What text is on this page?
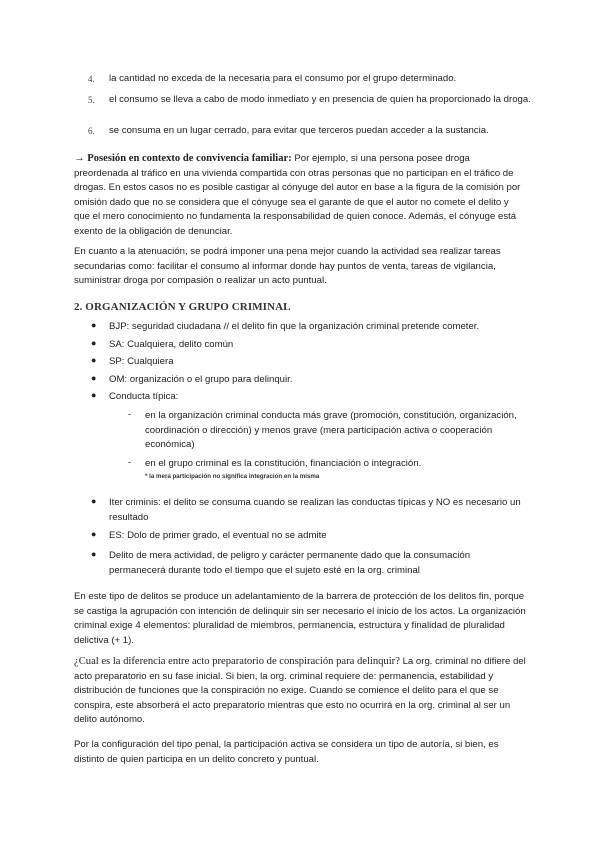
4. la cantidad no exceda de la necesaria para el consumo por el grupo determinado.
5. el consumo se lleva a cabo de modo inmediato y en presencia de quien ha proporcionado la droga.
6. se consuma en un lugar cerrado, para evitar que terceros puedan acceder a la sustancia.

→ Posesión en contexto de convivencia familiar: Por ejemplo, si una persona posee droga preordenada al tráfico en una vivienda compartida con otras personas que no participan en el tráfico de drogas. En estos casos no es posible castigar al cónyuge del autor en base a la figura de la comisión por omisión dado que no se considera que el cónyuge sea el garante de que el autor no comete el delito y que el mero conocimiento no fundamenta la responsabilidad de quien conoce. Además, el cónyuge está exento de la obligación de denunciar.

En cuanto a la atenuación, se podrá imponer una pena mejor cuando la actividad sea realizar tareas secundarias como: facilitar el consumo al informar donde hay puntos de venta, tareas de vigilancia, suministrar droga por compasión o realizar un acto puntual.

2. ORGANIZACIÓN Y GRUPO CRIMINAL
● BJP: seguridad ciudadana // el delito fin que la organización criminal pretende cometer.
● SA: Cualquiera, delito común
● SP: Cualquiera
● OM: organización o el grupo para delinquir.
● Conducta típica:
- en la organización criminal conducta más grave (promoción, constitución, organización, coordinación o dirección) y menos grave (mera participación activa o cooperación económica)
- en el grupo criminal es la constitución, financiación o integración.
* la mera participación no significa integración en la misma
● Iter criminis: el delito se consuma cuando se realizan las conductas típicas y NO es necesario un resultado
● ES: Dolo de primer grado, el eventual no se admite
● Delito de mera actividad, de peligro y carácter permanente dado que la consumación permanecerá durante todo el tiempo que el sujeto esté en la org. criminal

En este tipo de delitos se produce un adelantamiento de la barrera de protección de los delitos fin, porque se castiga la agrupación con intención de delinquir sin ser necesario el inicio de los actos. La organización criminal exige 4 elementos: pluralidad de miembros, permanencia, estructura y finalidad de pluralidad delictiva (+ 1).

¿Cual es la diferencia entre acto preparatorio de conspiración para delinquir? La org. criminal no difiere del acto preparatorio en su fase inicial. Si bien, la org. criminal requiere de: permanencia, estabilidad y distribución de funciones que la conspiración no exige. Cuando se comience el delito para el que se conspira, este absorberá el acto preparatorio mientras que esto no ocurrirá en la org. criminal al ser un delito autónomo.

Por la configuración del tipo penal, la participación activa se considera un tipo de autoría, si bien, es distinto de quien participa en un delito concreto y puntual.
